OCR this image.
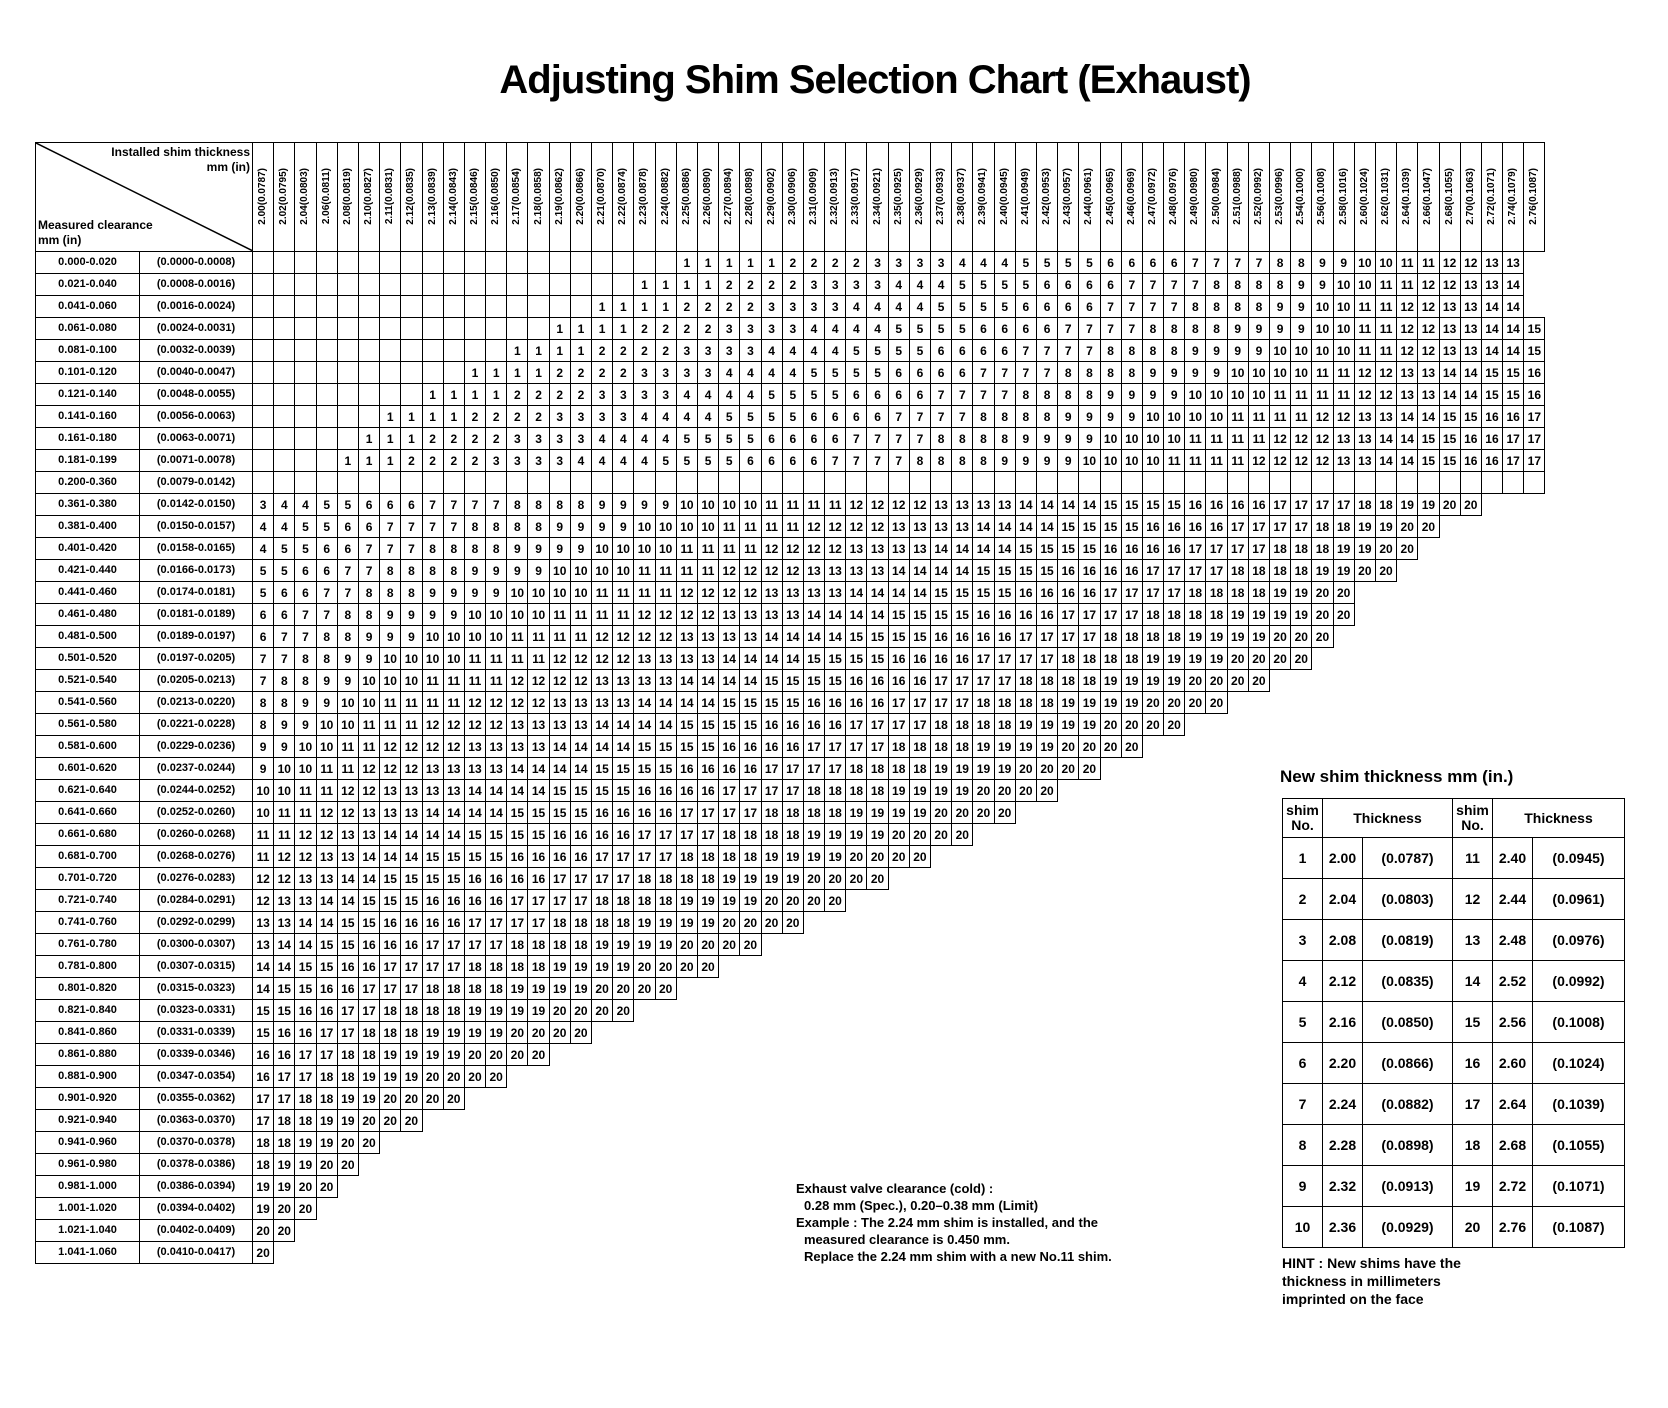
Adjusting Shim Selection Chart (Exhaust)
Installed shim thickness
mm (in)
Measured clearance
mm (in)		2.00(0.0787)	2.02(0.0795)	2.04(0.0803)	2.06(0.0811)	2.08(0.0819)	2.10(0.0827)	2.11(0.0831)	2.12(0.0835)	2.13(0.0839)	2.14(0.0843)	2.15(0.0846)	2.16(0.0850)	2.17(0.0854)	2.18(0.0858)	2.19(0.0862)	2.20(0.0866)	2.21(0.0870)	2.22(0.0874)	2.23(0.0878)	2.24(0.0882)	2.25(0.0886)	2.26(0.0890)	2.27(0.0894)	2.28(0.0898)	2.29(0.0902)	2.30(0.0906)	2.31(0.0909)	2.32(0.0913)	2.33(0.0917)	2.34(0.0921)	2.35(0.0925)	2.36(0.0929)	2.37(0.0933)	2.38(0.0937)	2.39(0.0941)	2.40(0.0945)	2.41(0.0949)	2.42(0.0953)	2.43(0.0957)	2.44(0.0961)	2.45(0.0965)	2.46(0.0969)	2.47(0.0972)	2.48(0.0976)	2.49(0.0980)	2.50(0.0984)	2.51(0.0988)	2.52(0.0992)	2.53(0.0996)	2.54(0.1000)	2.56(0.1008)	2.58(0.1016)	2.60(0.1024)	2.62(0.1031)	2.64(0.1039)	2.66(0.1047)	2.68(0.1055)	2.70(0.1063)	2.72(0.1071)	2.74(0.1079)	2.76(0.1087)
0.000-0.020	(0.0000-0.0008)																					1	1	1	1	1	2	2	2	2	3	3	3	3	4	4	4	5	5	5	5	6	6	6	6	7	7	7	7	8	8	9	9	10	10	11	11	12	12	13	13	
0.021-0.040	(0.0008-0.0016)																			1	1	1	1	2	2	2	2	3	3	3	3	4	4	4	5	5	5	5	6	6	6	6	7	7	7	7	8	8	8	8	9	9	10	10	11	11	12	12	13	13	14	
0.041-0.060	(0.0016-0.0024)																	1	1	1	1	2	2	2	2	3	3	3	3	4	4	4	4	5	5	5	5	6	6	6	6	7	7	7	7	8	8	8	8	9	9	10	10	11	11	12	12	13	13	14	14	
0.061-0.080	(0.0024-0.0031)															1	1	1	1	2	2	2	2	3	3	3	3	4	4	4	4	5	5	5	5	6	6	6	6	7	7	7	7	8	8	8	8	9	9	9	9	10	10	11	11	12	12	13	13	14	14	15
0.081-0.100	(0.0032-0.0039)													1	1	1	1	2	2	2	2	3	3	3	3	4	4	4	4	5	5	5	5	6	6	6	6	7	7	7	7	8	8	8	8	9	9	9	9	10	10	10	10	11	11	12	12	13	13	14	14	15
0.101-0.120	(0.0040-0.0047)											1	1	1	1	2	2	2	2	3	3	3	3	4	4	4	4	5	5	5	5	6	6	6	6	7	7	7	7	8	8	8	8	9	9	9	9	10	10	10	10	11	11	12	12	13	13	14	14	15	15	16
0.121-0.140	(0.0048-0.0055)									1	1	1	1	2	2	2	2	3	3	3	3	4	4	4	4	5	5	5	5	6	6	6	6	7	7	7	7	8	8	8	8	9	9	9	9	10	10	10	10	11	11	11	11	12	12	13	13	14	14	15	15	16
0.141-0.160	(0.0056-0.0063)							1	1	1	1	2	2	2	2	3	3	3	3	4	4	4	4	5	5	5	5	6	6	6	6	7	7	7	7	8	8	8	8	9	9	9	9	10	10	10	10	11	11	11	11	12	12	13	13	14	14	15	15	16	16	17
0.161-0.180	(0.0063-0.0071)						1	1	1	2	2	2	2	3	3	3	3	4	4	4	4	5	5	5	5	6	6	6	6	7	7	7	7	8	8	8	8	9	9	9	9	10	10	10	10	11	11	11	11	12	12	12	13	13	14	14	15	15	16	16	17	17
0.181-0.199	(0.0071-0.0078)					1	1	1	2	2	2	2	3	3	3	3	4	4	4	4	5	5	5	5	6	6	6	6	7	7	7	7	8	8	8	8	9	9	9	9	10	10	10	10	11	11	11	11	12	12	12	12	13	13	14	14	15	15	16	16	17	17
0.200-0.360	(0.0079-0.0142)																																																													
0.361-0.380	(0.0142-0.0150)	3	4	4	5	5	6	6	6	7	7	7	7	8	8	8	8	9	9	9	9	10	10	10	10	11	11	11	11	12	12	12	12	13	13	13	13	14	14	14	14	15	15	15	15	16	16	16	16	17	17	17	17	18	18	19	19	20	20			
0.381-0.400	(0.0150-0.0157)	4	4	5	5	6	6	7	7	7	7	8	8	8	8	9	9	9	9	10	10	10	10	11	11	11	11	12	12	12	12	13	13	13	13	14	14	14	14	15	15	15	15	16	16	16	16	17	17	17	17	18	18	19	19	20	20					
0.401-0.420	(0.0158-0.0165)	4	5	5	6	6	7	7	7	8	8	8	8	9	9	9	9	10	10	10	10	11	11	11	11	12	12	12	12	13	13	13	13	14	14	14	14	15	15	15	15	16	16	16	16	17	17	17	17	18	18	18	19	19	20	20						
0.421-0.440	(0.0166-0.0173)	5	5	6	6	7	7	8	8	8	8	9	9	9	9	10	10	10	10	11	11	11	11	12	12	12	12	13	13	13	13	14	14	14	14	15	15	15	15	16	16	16	16	17	17	17	17	18	18	18	18	19	19	20	20							
0.441-0.460	(0.0174-0.0181)	5	6	6	7	7	8	8	8	9	9	9	9	10	10	10	10	11	11	11	11	12	12	12	12	13	13	13	13	14	14	14	14	15	15	15	15	16	16	16	16	17	17	17	17	18	18	18	18	19	19	20	20									
0.461-0.480	(0.0181-0.0189)	6	6	7	7	8	8	9	9	9	9	10	10	10	10	11	11	11	11	12	12	12	12	13	13	13	13	14	14	14	14	15	15	15	15	16	16	16	16	17	17	17	17	18	18	18	18	19	19	19	19	20	20									
0.481-0.500	(0.0189-0.0197)	6	7	7	8	8	9	9	9	10	10	10	10	11	11	11	11	12	12	12	12	13	13	13	13	14	14	14	14	15	15	15	15	16	16	16	16	17	17	17	17	18	18	18	18	19	19	19	19	20	20	20										
0.501-0.520	(0.0197-0.0205)	7	7	8	8	9	9	10	10	10	10	11	11	11	11	12	12	12	12	13	13	13	13	14	14	14	14	15	15	15	15	16	16	16	16	17	17	17	17	18	18	18	18	19	19	19	19	20	20	20	20											
0.521-0.540	(0.0205-0.0213)	7	8	8	9	9	10	10	10	11	11	11	11	12	12	12	12	13	13	13	13	14	14	14	14	15	15	15	15	16	16	16	16	17	17	17	17	18	18	18	18	19	19	19	19	20	20	20	20													
0.541-0.560	(0.0213-0.0220)	8	8	9	9	10	10	11	11	11	11	12	12	12	12	13	13	13	13	14	14	14	14	15	15	15	15	16	16	16	16	17	17	17	17	18	18	18	18	19	19	19	19	20	20	20	20															
0.561-0.580	(0.0221-0.0228)	8	9	9	10	10	11	11	11	12	12	12	12	13	13	13	13	14	14	14	14	15	15	15	15	16	16	16	16	17	17	17	17	18	18	18	18	19	19	19	19	20	20	20	20																	
0.581-0.600	(0.0229-0.0236)	9	9	10	10	11	11	12	12	12	12	13	13	13	13	14	14	14	14	15	15	15	15	16	16	16	16	17	17	17	17	18	18	18	18	19	19	19	19	20	20	20	20																			
0.601-0.620	(0.0237-0.0244)	9	10	10	11	11	12	12	12	13	13	13	13	14	14	14	14	15	15	15	15	16	16	16	16	17	17	17	17	18	18	18	18	19	19	19	19	20	20	20	20																					
0.621-0.640	(0.0244-0.0252)	10	10	11	11	12	12	13	13	13	13	14	14	14	14	15	15	15	15	16	16	16	16	17	17	17	17	18	18	18	18	19	19	19	19	20	20	20	20																							
0.641-0.660	(0.0252-0.0260)	10	11	11	12	12	13	13	13	14	14	14	14	15	15	15	15	16	16	16	16	17	17	17	17	18	18	18	18	19	19	19	19	20	20	20	20																									
0.661-0.680	(0.0260-0.0268)	11	11	12	12	13	13	14	14	14	14	15	15	15	15	16	16	16	16	17	17	17	17	18	18	18	18	19	19	19	19	20	20	20	20																											
0.681-0.700	(0.0268-0.0276)	11	12	12	13	13	14	14	14	15	15	15	15	16	16	16	16	17	17	17	17	18	18	18	18	19	19	19	19	20	20	20	20																													
0.701-0.720	(0.0276-0.0283)	12	12	13	13	14	14	15	15	15	15	16	16	16	16	17	17	17	17	18	18	18	18	19	19	19	19	20	20	20	20																															
0.721-0.740	(0.0284-0.0291)	12	13	13	14	14	15	15	15	16	16	16	16	17	17	17	17	18	18	18	18	19	19	19	19	20	20	20	20																																	
0.741-0.760	(0.0292-0.0299)	13	13	14	14	15	15	16	16	16	16	17	17	17	17	18	18	18	18	19	19	19	19	20	20	20	20																																			
0.761-0.780	(0.0300-0.0307)	13	14	14	15	15	16	16	16	17	17	17	17	18	18	18	18	19	19	19	19	20	20	20	20																																					
0.781-0.800	(0.0307-0.0315)	14	14	15	15	16	16	17	17	17	17	18	18	18	18	19	19	19	19	20	20	20	20																																							
0.801-0.820	(0.0315-0.0323)	14	15	15	16	16	17	17	17	18	18	18	18	19	19	19	19	20	20	20	20																																									
0.821-0.840	(0.0323-0.0331)	15	15	16	16	17	17	18	18	18	18	19	19	19	19	20	20	20	20																																											
0.841-0.860	(0.0331-0.0339)	15	16	16	17	17	18	18	18	19	19	19	19	20	20	20	20																																													
0.861-0.880	(0.0339-0.0346)	16	16	17	17	18	18	19	19	19	19	20	20	20	20																																															
0.881-0.900	(0.0347-0.0354)	16	17	17	18	18	19	19	19	20	20	20	20																																																	
0.901-0.920	(0.0355-0.0362)	17	17	18	18	19	19	20	20	20	20																																																			
0.921-0.940	(0.0363-0.0370)	17	18	18	19	19	20	20	20																																																					
0.941-0.960	(0.0370-0.0378)	18	18	19	19	20	20																																																							
0.961-0.980	(0.0378-0.0386)	18	19	19	20	20																																																								
0.981-1.000	(0.0386-0.0394)	19	19	20	20																																																									
1.001-1.020	(0.0394-0.0402)	19	20	20																																																										
1.021-1.040	(0.0402-0.0409)	20	20																																																											
1.041-1.060	(0.0410-0.0417)	20																																																												
Exhaust valve clearance (cold) :
0.28 mm (Spec.), 0.20–0.38 mm (Limit)
Example : The 2.24 mm shim is installed, and the
measured clearance is 0.450 mm.
Replace the 2.24 mm shim with a new No.11 shim.
New shim thickness mm (in.)
shim No.	Thickness		shim No.	Thickness	
1	2.00	(0.0787)	11	2.40	(0.0945)
2	2.04	(0.0803)	12	2.44	(0.0961)
3	2.08	(0.0819)	13	2.48	(0.0976)
4	2.12	(0.0835)	14	2.52	(0.0992)
5	2.16	(0.0850)	15	2.56	(0.1008)
6	2.20	(0.0866)	16	2.60	(0.1024)
7	2.24	(0.0882)	17	2.64	(0.1039)
8	2.28	(0.0898)	18	2.68	(0.1055)
9	2.32	(0.0913)	19	2.72	(0.1071)
10	2.36	(0.0929)	20	2.76	(0.1087)
HINT : New shims have the
thickness in millimeters
imprinted on the face
